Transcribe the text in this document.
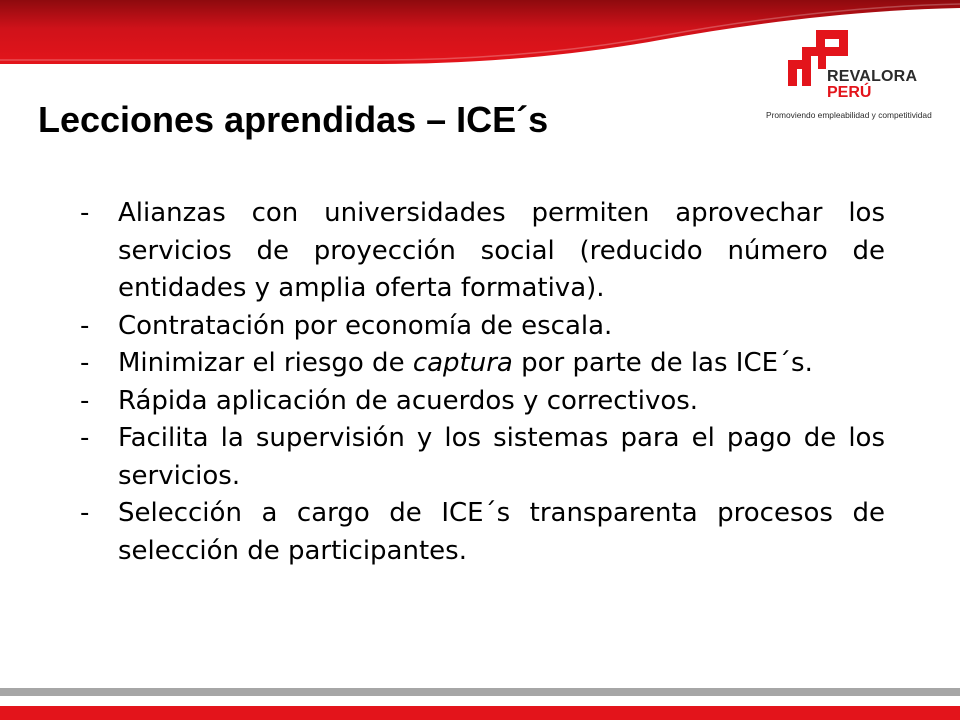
REVALORA
PERÚ
Promoviendo empleabilidad y competitividad
Lecciones aprendidas – ICE´s
-	Alianzas con universidades permiten aprovechar los servicios de proyección social (reducido número de entidades y amplia oferta formativa).
-	Contratación por economía de escala.
-	Minimizar el riesgo de captura por parte de las ICE´s.
-	Rápida aplicación de acuerdos y correctivos.
-	Facilita la supervisión y los sistemas para el pago de los servicios.
-	Selección a cargo de ICE´s transparenta procesos de selección de participantes.
